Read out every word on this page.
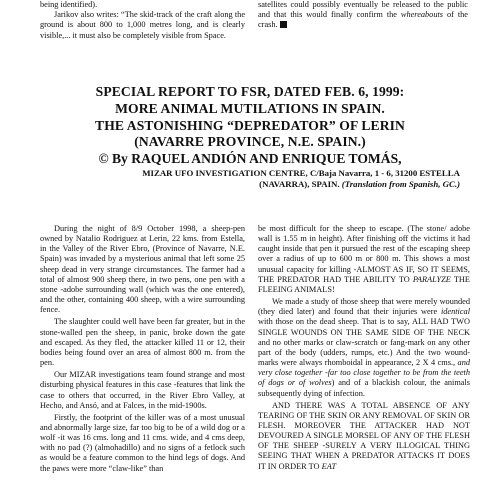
being identified).

Jarikov also writes: “The skid-track of the craft along the ground is about 800 to 1,000 metres long, and is clearly visible,... it must also be completely visible from Space.

satellites could possibly eventually be released to the public and that this would finally confirm the whereabouts of the crash.

SPECIAL REPORT TO FSR, DATED FEB. 6, 1999:
MORE ANIMAL MUTILATIONS IN SPAIN.
THE ASTONISHING “DEPREDATOR” OF LERIN
(NAVARRE PROVINCE, N.E. SPAIN.)
© By RAQUEL ANDIÓN AND ENRIQUE TOMÁS,
MIZAR UFO INVESTIGATION CENTRE, C/Baja Navarra, 1 - 6, 31200 ESTELLA
(NAVARRA), SPAIN. (Translation from Spanish, GC.)

During the night of 8/9 October 1998, a sheep-pen owned by Natalio Rodriguez at Lerin, 22 kms. from Estella, in the Valley of the River Ebro, (Province of Navarre, N.E. Spain) was invaded by a mysterious animal that left some 25 sheep dead in very strange circumstances. The farmer had a total of almost 900 sheep there, in two pens, one pen with a stone -adobe surrounding wall (which was the one entered), and the other, containing 400 sheep, with a wire surrounding fence.

The slaughter could well have been far greater, but in the stone-walled pen the sheep, in panic, broke down the gate and escaped. As they fled, the attacker killed 11 or 12, their bodies being found over an area of almost 800 m. from the pen.

Our MIZAR investigations team found strange and most disturbing physical features in this case -features that link the case to others that occurred, in the River Ebro Valley, at Hecho, and Ansó, and at Falces, in the mid-1900s.

Firstly, the footprint of the killer was of a most unusual and abnormally large size, far too big to be of a wild dog or a wolf -it was 16 cms. long and 11 cms. wide, and 4 cms deep, with no pad (?) (almohadillo) and no signs of a fetlock such as would be a feature common to the hind legs of dogs. And the paws were more “claw-like” than

be most difficult for the sheep to escape. (The stone/ adobe wall is 1.55 m in height). After finishing off the victims it had caught inside that pen it pursued the rest of the escaping sheep over a radius of up to 600 m or 800 m. This shows a most unusual capacity for killing -ALMOST AS IF, SO IT SEEMS, THE PREDATOR HAD THE ABILITY TO PARALYZE THE FLEEING ANIMALS!

We made a study of those sheep that were merely wounded (they died later) and found that their injuries were identical with those on the dead sheep. That is to say, ALL HAD TWO SINGLE WOUNDS ON THE SAME SIDE OF THE NECK and no other marks or claw-scratch or fang-mark on any other part of the body (udders, rumps, etc.) And the two wound-marks were always rhomboidal in appearance, 2 X 4 cms., and very close together -far too close together to be from the teeth of dogs or of wolves) and of a blackish colour, the animals subsequently dying of infection.

AND THERE WAS A TOTAL ABSENCE OF ANY TEARING OF THE SKIN OR ANY REMOVAL OF SKIN OR FLESH. MOREOVER THE ATTACKER HAD NOT DEVOURED A SINGLE MORSEL OF ANY OF THE FLESH OF THE SHEEP -SURELY A VERY ILLOGICAL THING SEEING THAT WHEN A PREDATOR ATTACKS IT DOES IT IN ORDER TO EAT
